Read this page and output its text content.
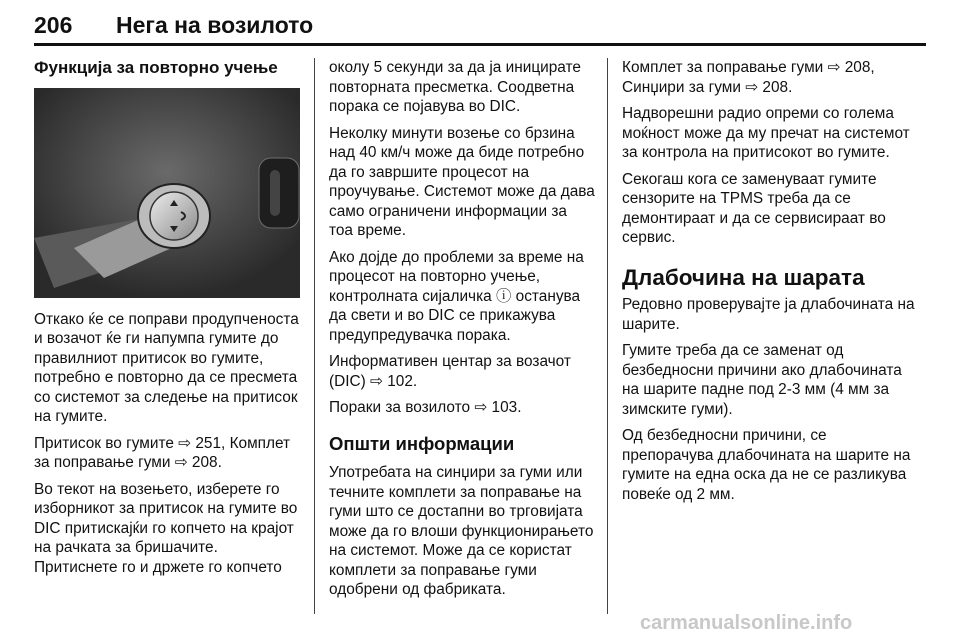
206 Нега на возилото
Функција за повторно учење

Откако ќе се поправи продупченоста и возачот ќе ги напумпа гумите до правилниот притисок во гумите, потребно е повторно да се пресмета со системот за следење на притисок на гумите.

Притисок во гумите ⇨ 251, Комплет за поправање гуми ⇨ 208.

Во текот на возењето, изберете го изборникот за притисок на гумите во DIC притискајќи го копчето на крајот на рачката за бришачите. Притиснете го и држете го копчето

околу 5 секунди за да ја иницирате повторната пресметка. Соодветна порака се појавува во DIC.

Неколку минути возење со брзина над 40 км/ч може да биде потребно да го завршите процесот на проучување. Системот може да дава само ограничени информации за тоа време.

Ако дојде до проблеми за време на процесот на повторно учење, контролната сијаличка ⓘ останува да свети и во DIC се прикажува предупредувачка порака.

Информативен центар за возачот (DIC) ⇨ 102.

Пораки за возилото ⇨ 103.

Општи информации

Употребата на синџири за гуми или течните комплети за поправање на гуми што се достапни во трговијата може да го влоши функционирањето на системот. Може да се користат комплети за поправање гуми одобрени од фабриката.

Комплет за поправање гуми ⇨ 208, Синџири за гуми ⇨ 208.

Надворешни радио опреми со голема моќност може да му пречат на системот за контрола на притисокот во гумите.

Секогаш кога се заменуваат гумите сензорите на TPMS треба да се демонтираат и да се сервисираат во сервис.

Длабочина на шарата

Редовно проверувајте ја длабочината на шарите.

Гумите треба да се заменат од безбедносни причини ако длабочината на шарите падне под 2-3 мм (4 мм за зимските гуми).

Од безбедносни причини, се препорачува длабочината на шарите на гумите на една оска да не се разликува повеќе од 2 мм.

carmanualsonline.info
